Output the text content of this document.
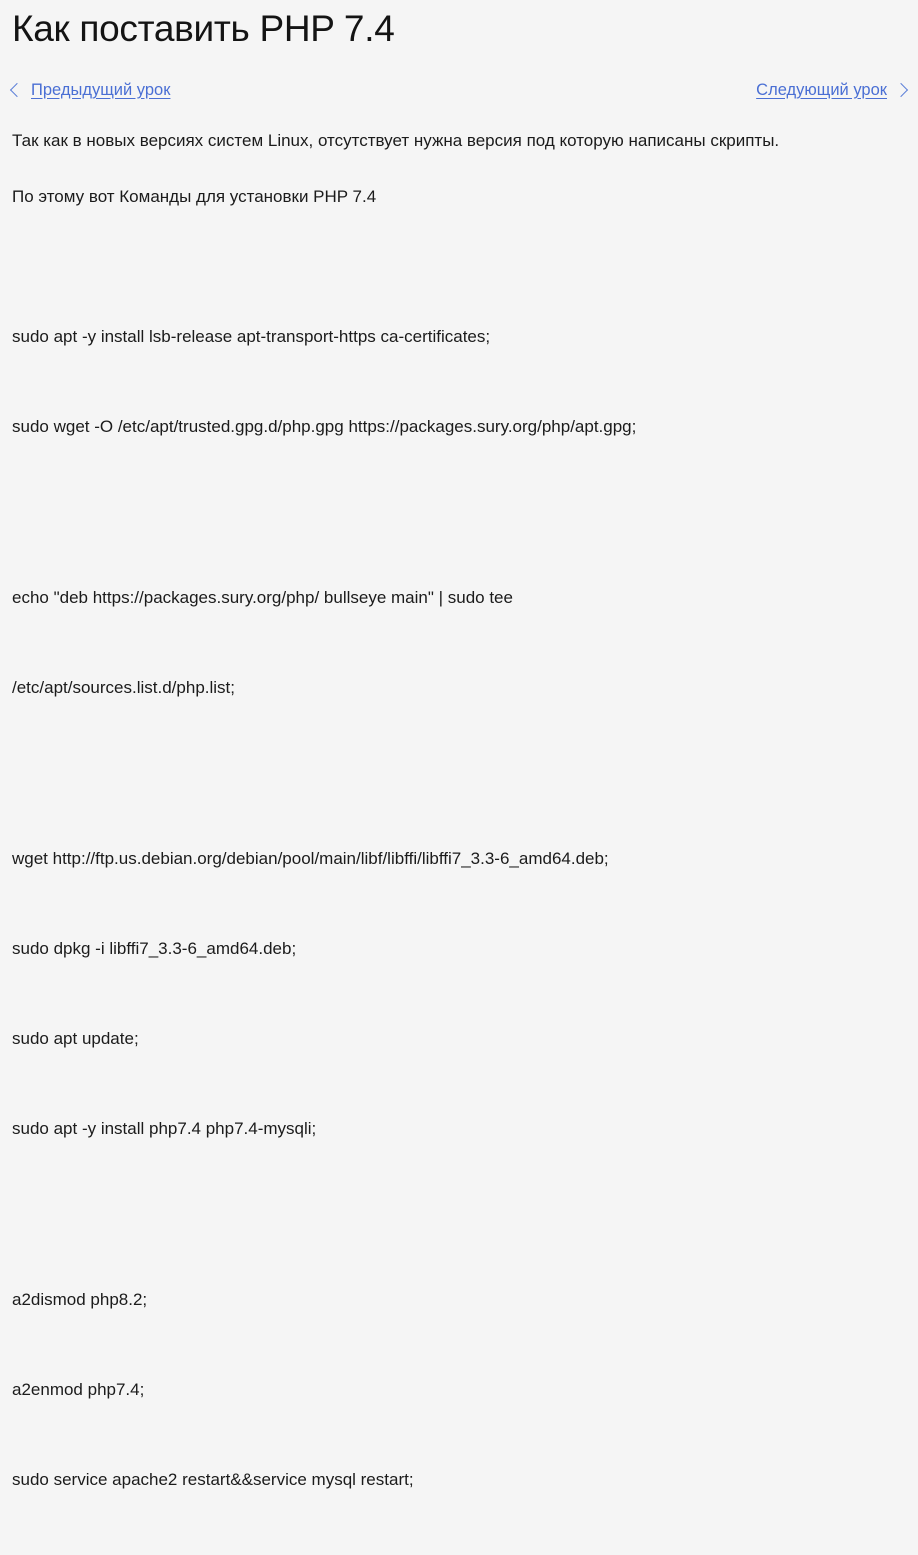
Как поставить PHP 7.4
Предыдущий урок	Следующий урок

Так как в новых версиях систем Linux, отсутствует нужна версия под которую написаны скрипты.

По этому вот Команды для установки PHP 7.4

sudo apt -y install lsb-release apt-transport-https ca-certificates;

sudo wget -O /etc/apt/trusted.gpg.d/php.gpg https://packages.sury.org/php/apt.gpg;

echo "deb https://packages.sury.org/php/ bullseye main" | sudo tee

/etc/apt/sources.list.d/php.list;

wget http://ftp.us.debian.org/debian/pool/main/libf/libffi/libffi7_3.3-6_amd64.deb;

sudo dpkg -i libffi7_3.3-6_amd64.deb;

sudo apt update;

sudo apt -y install php7.4 php7.4-mysqli;

a2dismod php8.2;

a2enmod php7.4;

sudo service apache2 restart&&service mysql restart;
